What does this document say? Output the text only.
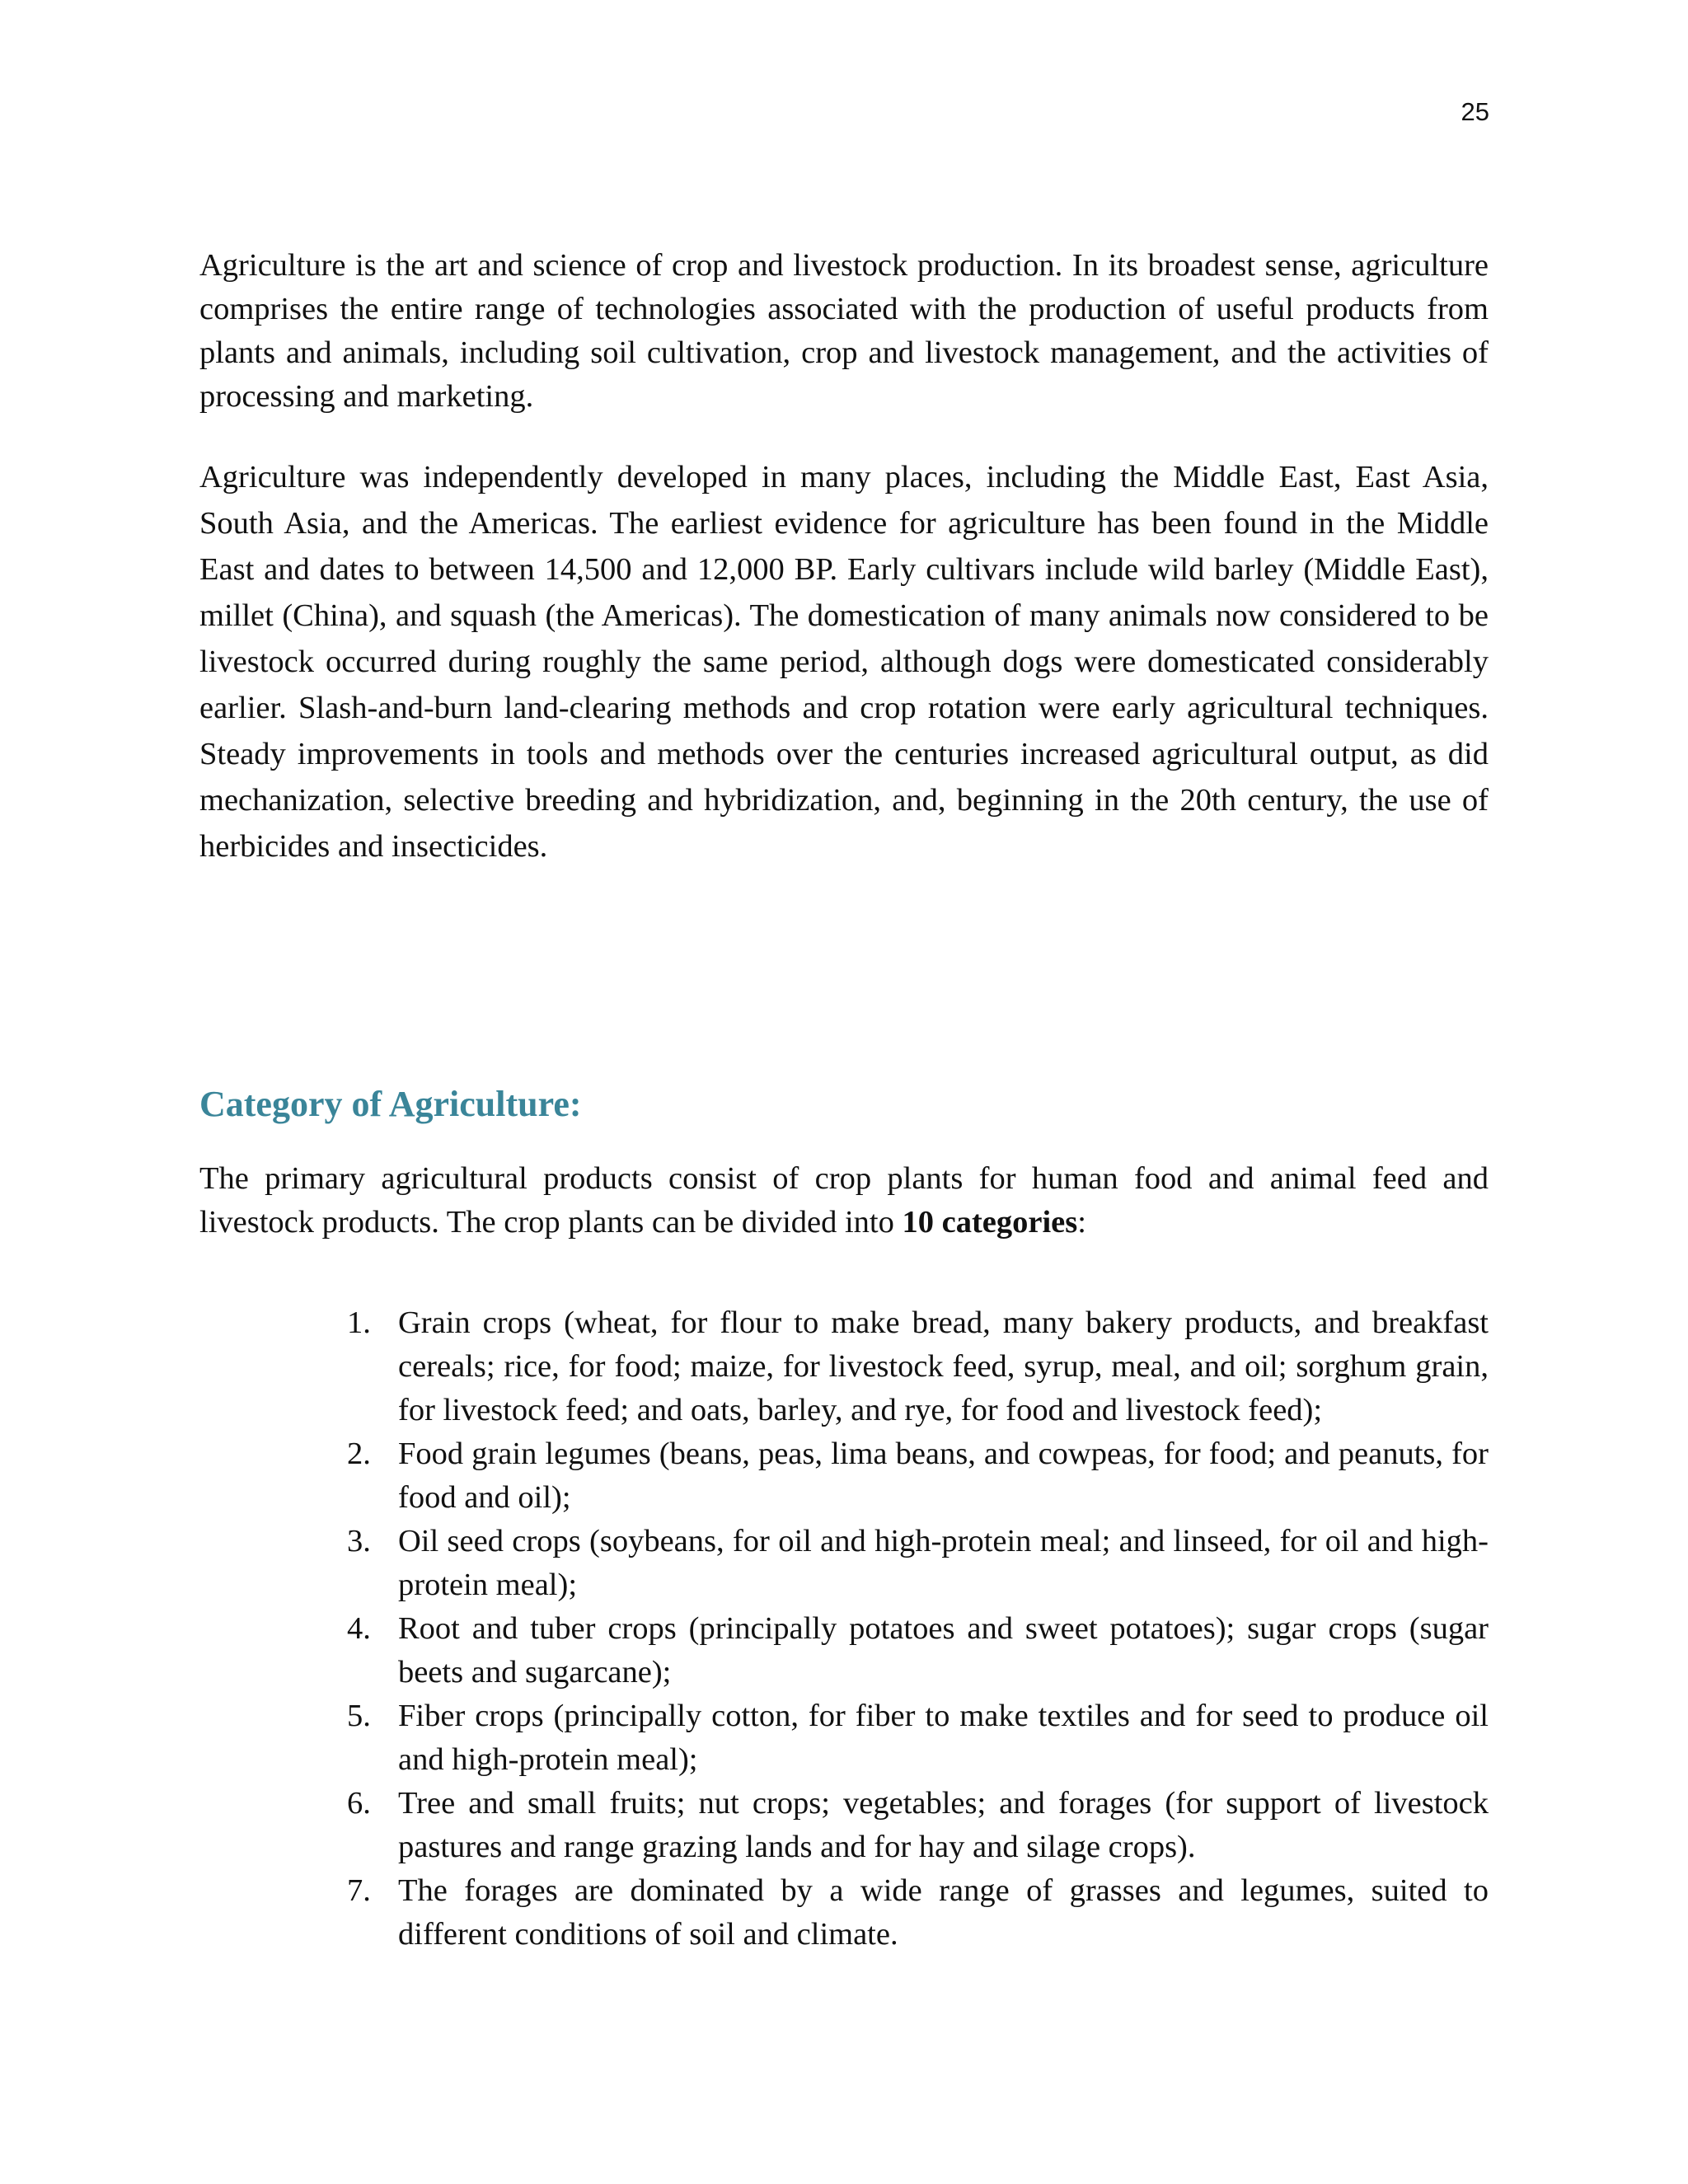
25

Agriculture is the art and science of crop and livestock production. In its broadest sense, agriculture comprises the entire range of technologies associated with the production of useful products from plants and animals, including soil cultivation, crop and livestock management, and the activities of processing and marketing.

Agriculture was independently developed in many places, including the Middle East, East Asia, South Asia, and the Americas. The earliest evidence for agriculture has been found in the Middle East and dates to between 14,500 and 12,000 BP. Early cultivars include wild barley (Middle East), millet (China), and squash (the Americas). The domestication of many animals now considered to be livestock occurred during roughly the same period, although dogs were domesticated considerably earlier. Slash-and-burn land-clearing methods and crop rotation were early agricultural techniques. Steady improvements in tools and methods over the centuries increased agricultural output, as did mechanization, selective breeding and hybridization, and, beginning in the 20th century, the use of herbicides and insecticides.

Category of Agriculture:

The primary agricultural products consist of crop plants for human food and animal feed and livestock products. The crop plants can be divided into 10 categories:

1. Grain crops (wheat, for flour to make bread, many bakery products, and breakfast cereals; rice, for food; maize, for livestock feed, syrup, meal, and oil; sorghum grain, for livestock feed; and oats, barley, and rye, for food and livestock feed);
2. Food grain legumes (beans, peas, lima beans, and cowpeas, for food; and peanuts, for food and oil);
3. Oil seed crops (soybeans, for oil and high-protein meal; and linseed, for oil and high-protein meal);
4. Root and tuber crops (principally potatoes and sweet potatoes); sugar crops (sugar beets and sugarcane);
5. Fiber crops (principally cotton, for fiber to make textiles and for seed to produce oil and high-protein meal);
6. Tree and small fruits; nut crops; vegetables; and forages (for support of livestock pastures and range grazing lands and for hay and silage crops).
7. The forages are dominated by a wide range of grasses and legumes, suited to different conditions of soil and climate.
